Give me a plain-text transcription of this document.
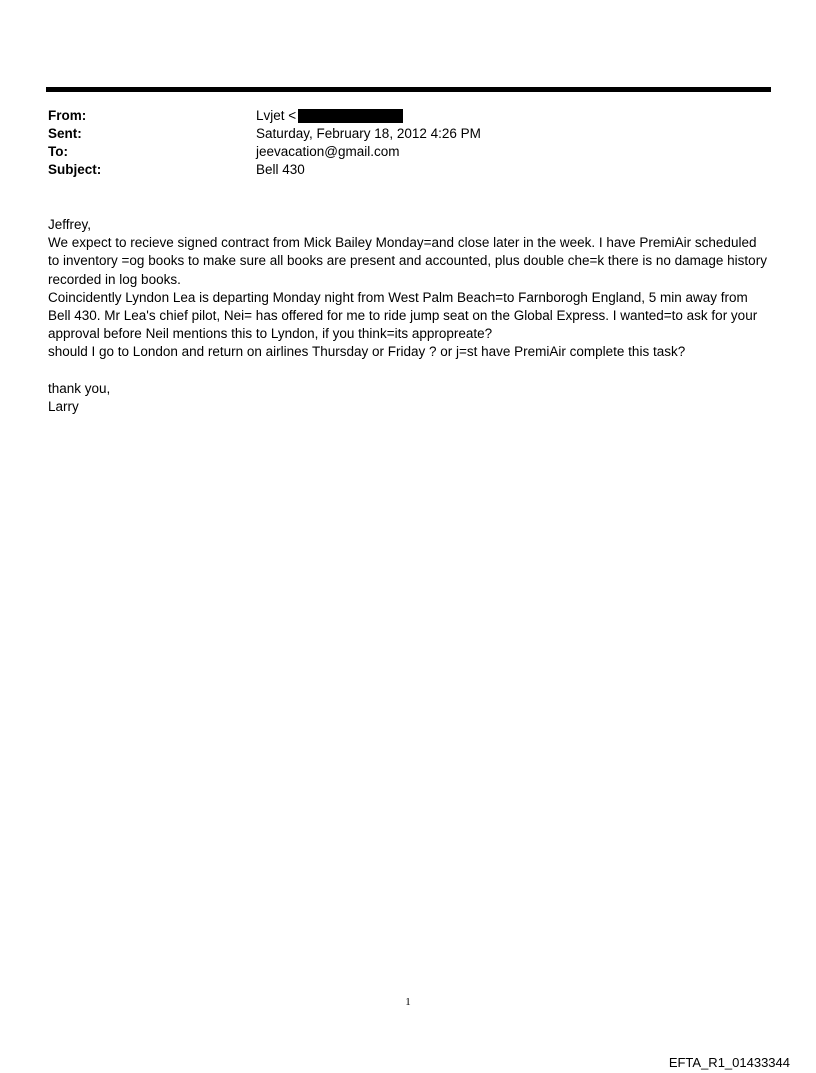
From:	Lvjet <
Sent:	Saturday, February 18, 2012 4:26 PM
To:	jeevacation@gmail.com
Subject:	Bell 430

Jeffrey,

We expect to recieve signed contract from Mick Bailey Monday=and close later in the week. I have PremiAir scheduled

to inventory =og books to make sure all books are present and accounted, plus double che=k there is no damage history

recorded in log books.

Coincidently Lyndon Lea is departing Monday night from West Palm Beach=to Farnborogh England, 5 min away from

Bell 430. Mr Lea's chief pilot, Nei= has offered for me to ride jump seat on the Global Express. I wanted=to ask for your

approval before Neil mentions this to Lyndon, if you think=its appropreate?

should I go to London and return on airlines Thursday or Friday ? or j=st have PremiAir complete this task?

thank you,

Larry

1
EFTA_R1_01433344
